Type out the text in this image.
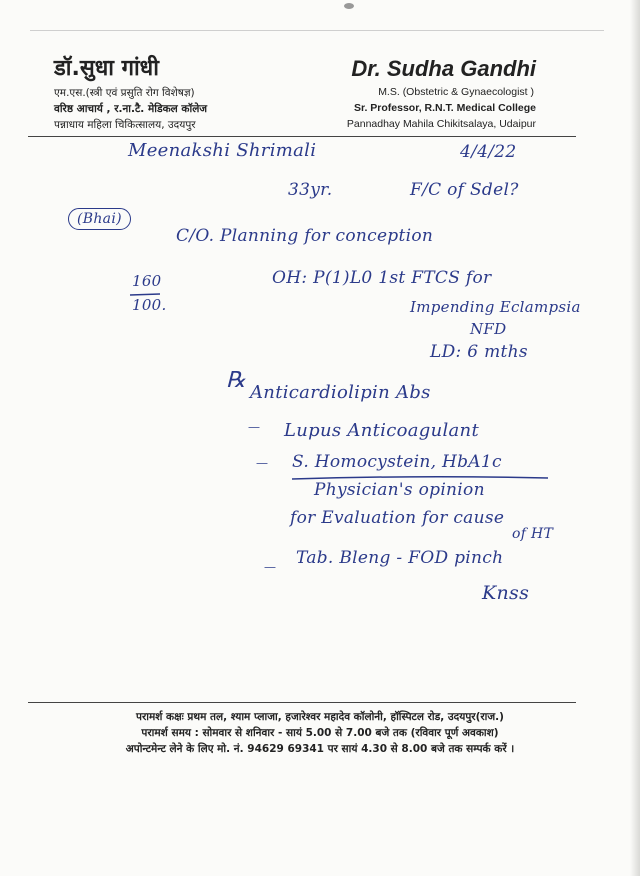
डॉ.सुधा गांधी
एम.एस.(स्त्री एवं प्रसुति रोग विशेषज्ञ)
वरिष्ठ आचार्य , र.ना.टै. मेडिकल कॉलेज
पन्नाधाय महिला चिकित्सालय, उदयपुर
Dr. Sudha Gandhi
M.S. (Obstetric & Gynaecologist )
Sr. Professor, R.N.T. Medical College
Pannadhay Mahila Chikitsalaya, Udaipur
Meenakshi Shrimali	4/4/22
33yr.	F/C of Sdel?
(Bhai)
C/O. Planning for conception
160
100.
OH: P(1)L0 1st FTCS for
Impending Eclampsia
NFD
LD: 6 mths
℞ Anticardiolipin Abs
— Lupus Anticoagulant
— S. Homocystein, HbA1c
Physician's opinion
for Evaluation for cause
of HT
— Tab. Bleng - FOD pinch
Knss
परामर्श कक्षः प्रथम तल, श्याम प्लाजा, हजारेश्वर महादेव कॉलोनी, हॉस्पिटल रोड, उदयपुर(राज.)
परामर्श समय : सोमवार से शनिवार - सायं 5.00 से 7.00 बजे तक (रविवार पूर्ण अवकाश)
अपोन्टमेन्ट लेने के लिए मो. नं. 94629 69341 पर सायं 4.30 से 8.00 बजे तक सम्पर्क करें ।
